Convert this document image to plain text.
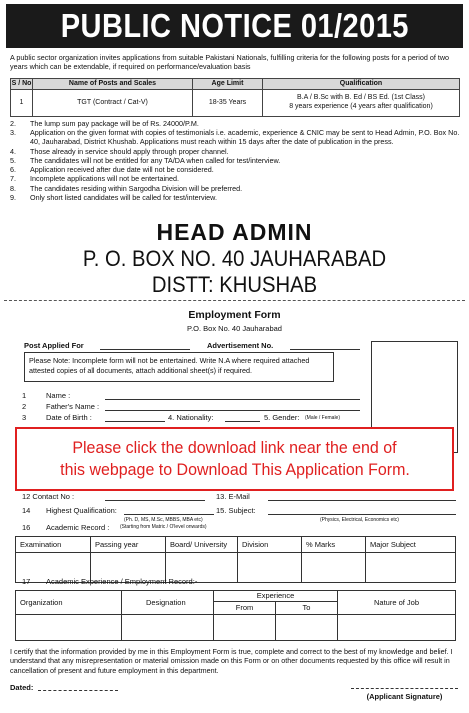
PUBLIC NOTICE 01/2015
A public sector organization invites applications from suitable Pakistani Nationals, fulfilling criteria for the following posts for a period of two years which can be extendable, if required on performance/evaluation basis
S / No	Name of Posts and Scales	Age Limit	Qualification
1	TGT (Contract / Cat-V)	18-35 Years	B.A / B.Sc with B. Ed / BS Ed. (1st Class)
8 years experience (4 years after qualification)
2.	The lump sum pay package will be of Rs. 24000/P.M.
3.	Application on the given format with copies of testimonials i.e. academic, experience & CNIC may be sent to Head Admin, P.O. Box No. 40, Jauharabad, District Khushab. Applications must reach within 15 days after the date of publication in the press.
4.	Those already in service should apply through proper channel.
5.	The candidates will not be entitled for any TA/DA when called for test/interview.
6.	Application received after due date will not be considered.
7.	Incomplete applications will not be entertained.
8.	The candidates residing within Sargodha Division will be preferred.
9.	Only short listed candidates will be called for test/interview.
HEAD ADMIN
P. O. BOX NO. 40 JAUHARABAD
DISTT: KHUSHAB
Employment Form
P.O. Box No. 40 Jauharabad
Post Applied For	Advertisement No.
Please Note: Incomplete form will not be entertained. Write N.A where required attached attested copies of all documents, attach additional sheet(s) if required.
1	Name :
2	Father's Name :
3	Date of Birth :	4. Nationality:	5. Gender: (Male / Female)
Please click the download link near the end of
this webpage to Download This Application Form.
12 Contact No :	13. E-Mail
14 Highest Qualification:	15. Subject:
(Ph. D, MS, M.Sc, MBBS, MBA etc)	(Physics, Electrical, Economics etc)
(Starting from Matric / O'level onwards)
16 Academic Record :
Examination	Passing year	Board/ University	Division	% Marks	Major Subject

17 Academic Experience / Employment Record:-
Organization	Designation	Experience		Nature of Job
		From	To	

I certify that the information provided by me in this Employment Form is true, complete and correct to the best of my knowledge and belief. I understand that any misrepresentation or material omission made on this Form or on other documents requested by this office will result in cancellation of present and future employment in this department.
Dated:
(Applicant Signature)
